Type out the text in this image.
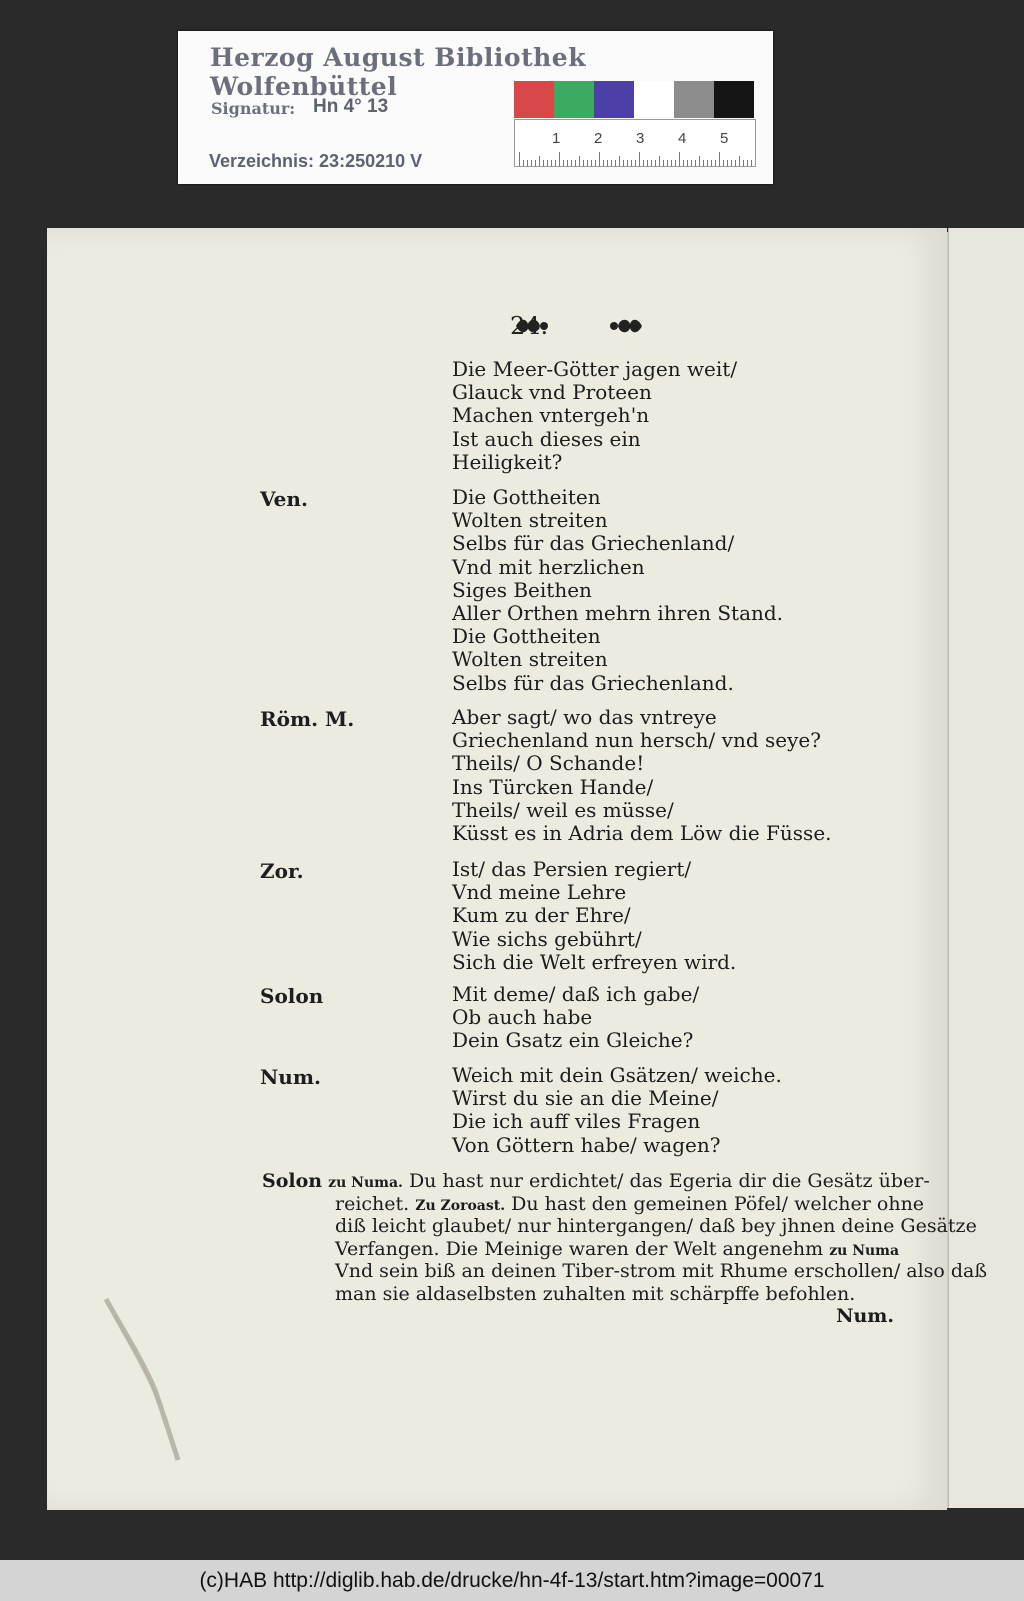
Herzog August Bibliothek Wolfenbüttel
Signatur: Hn 4° 13
Verzeichnis: 23:250210 V
1 2 3 4 5
24.
Die Meer-Götter jagen weit/
Glauck vnd Proteen
Machen vntergeh'n
Ist auch dieses ein
Heiligkeit?
Ven.	Die Gottheiten
Wolten streiten
Selbs für das Griechenland/
Vnd mit herzlichen
Siges Beithen
Aller Orthen mehrn ihren Stand.
Die Gottheiten
Wolten streiten
Selbs für das Griechenland.
Röm. M.	Aber sagt/ wo das vntreye
Griechenland nun hersch/ vnd seye?
Theils/ O Schande!
Ins Türcken Hande/
Theils/ weil es müsse/
Küsst es in Adria dem Löw die Füsse.
Zor.	Ist/ das Persien regiert/
Vnd meine Lehre
Kum zu der Ehre/
Wie sichs gebührt/
Sich die Welt erfreyen wird.
Solon	Mit deme/ daß ich gabe/
Ob auch habe
Dein Gsatz ein Gleiche?
Num.	Weich mit dein Gsätzen/ weiche.
Wirst du sie an die Meine/
Die ich auff viles Fragen
Von Göttern habe/ wagen?
Solon zu Numa. Du hast nur erdichtet/ das Egeria dir die Gesätz über-
reichet. Zu Zoroast. Du hast den gemeinen Pöfel/ welcher ohne
diß leicht glaubet/ nur hintergangen/ daß bey jhnen deine Gesätze
Verfangen. Die Meinige waren der Welt angenehm zu Numa
Vnd sein biß an deinen Tiber-strom mit Rhume erschollen/ also daß
man sie aldaselbsten zuhalten mit schärpffe befohlen.
Num.
(c)HAB http://diglib.hab.de/drucke/hn-4f-13/start.htm?image=00071
